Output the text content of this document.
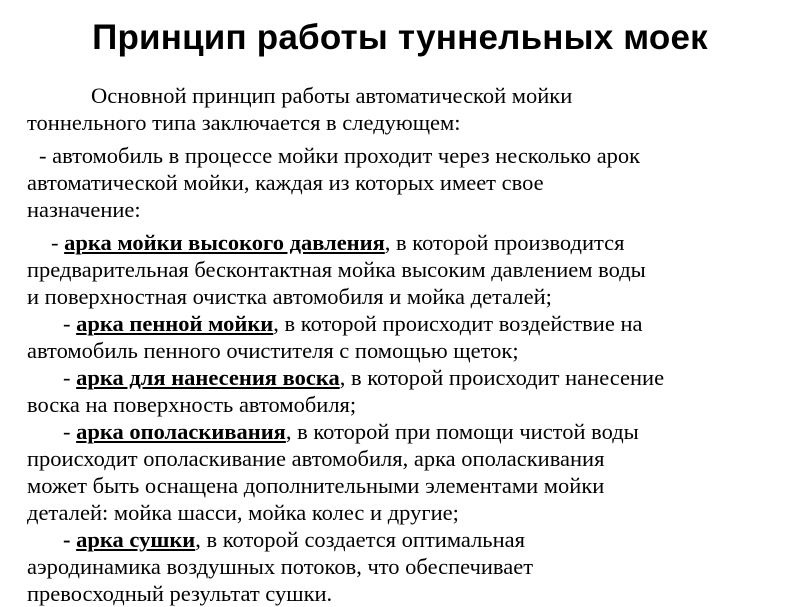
Принцип работы туннельных моек
Основной принцип работы автоматической мойки
тоннельного типа заключается в следующем:
- автомобиль в процессе мойки проходит через несколько арок
автоматической мойки, каждая из которых имеет свое
назначение:
- арка мойки высокого давления, в которой производится
предварительная бесконтактная мойка высоким давлением воды
и поверхностная очистка автомобиля и мойка деталей;
- арка пенной мойки, в которой происходит воздействие на
автомобиль пенного очистителя с помощью щеток;
- арка для нанесения воска, в которой происходит нанесение
воска на поверхность автомобиля;
- арка ополаскивания, в которой при помощи чистой воды
происходит ополаскивание автомобиля, арка ополаскивания
может быть оснащена дополнительными элементами мойки
деталей: мойка шасси, мойка колес и другие;
- арка сушки, в которой создается оптимальная
аэродинамика воздушных потоков, что обеспечивает
превосходный результат сушки.
